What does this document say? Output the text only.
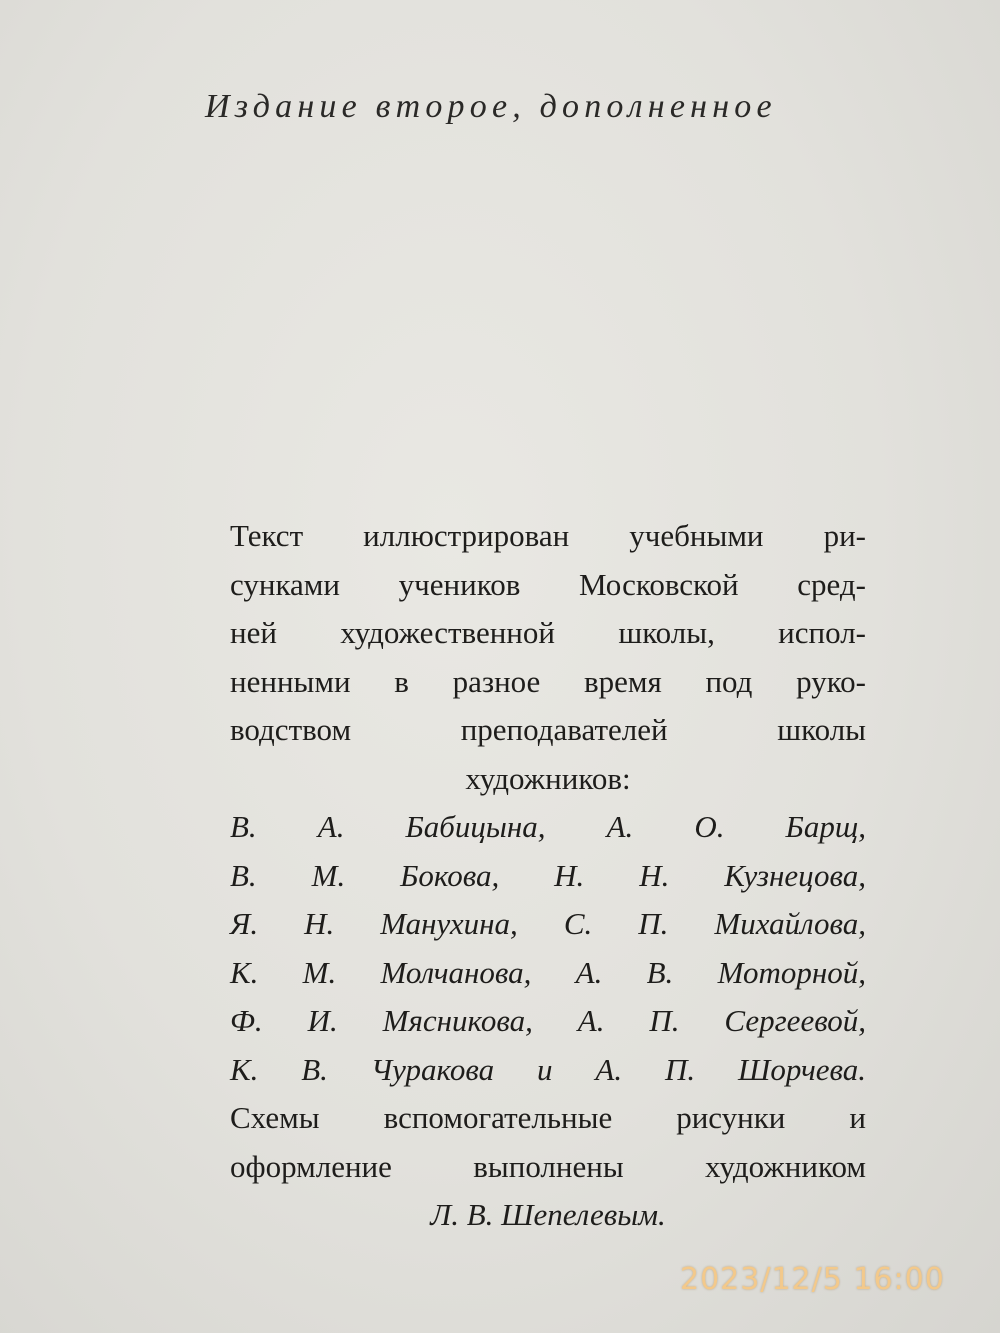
Издание второе, дополненное
Текст иллюстрирован учебными ри-
сунками учеников Московской сред-
ней художественной школы, испол-
ненными в разное время под руко-
водством преподавателей школы
художников:
В. А. Бабицына, А. О. Барщ,
В. М. Бокова, Н. Н. Кузнецова,
Я. Н. Манухина, С. П. Михайлова,
К. М. Молчанова, А. В. Моторной,
Ф. И. Мясникова, А. П. Сергеевой,
К. В. Чуракова и А. П. Шорчева.
Схемы вспомогательные рисунки и
оформление выполнены художником
Л. В. Шепелевым.
2023/12/5 16:00
